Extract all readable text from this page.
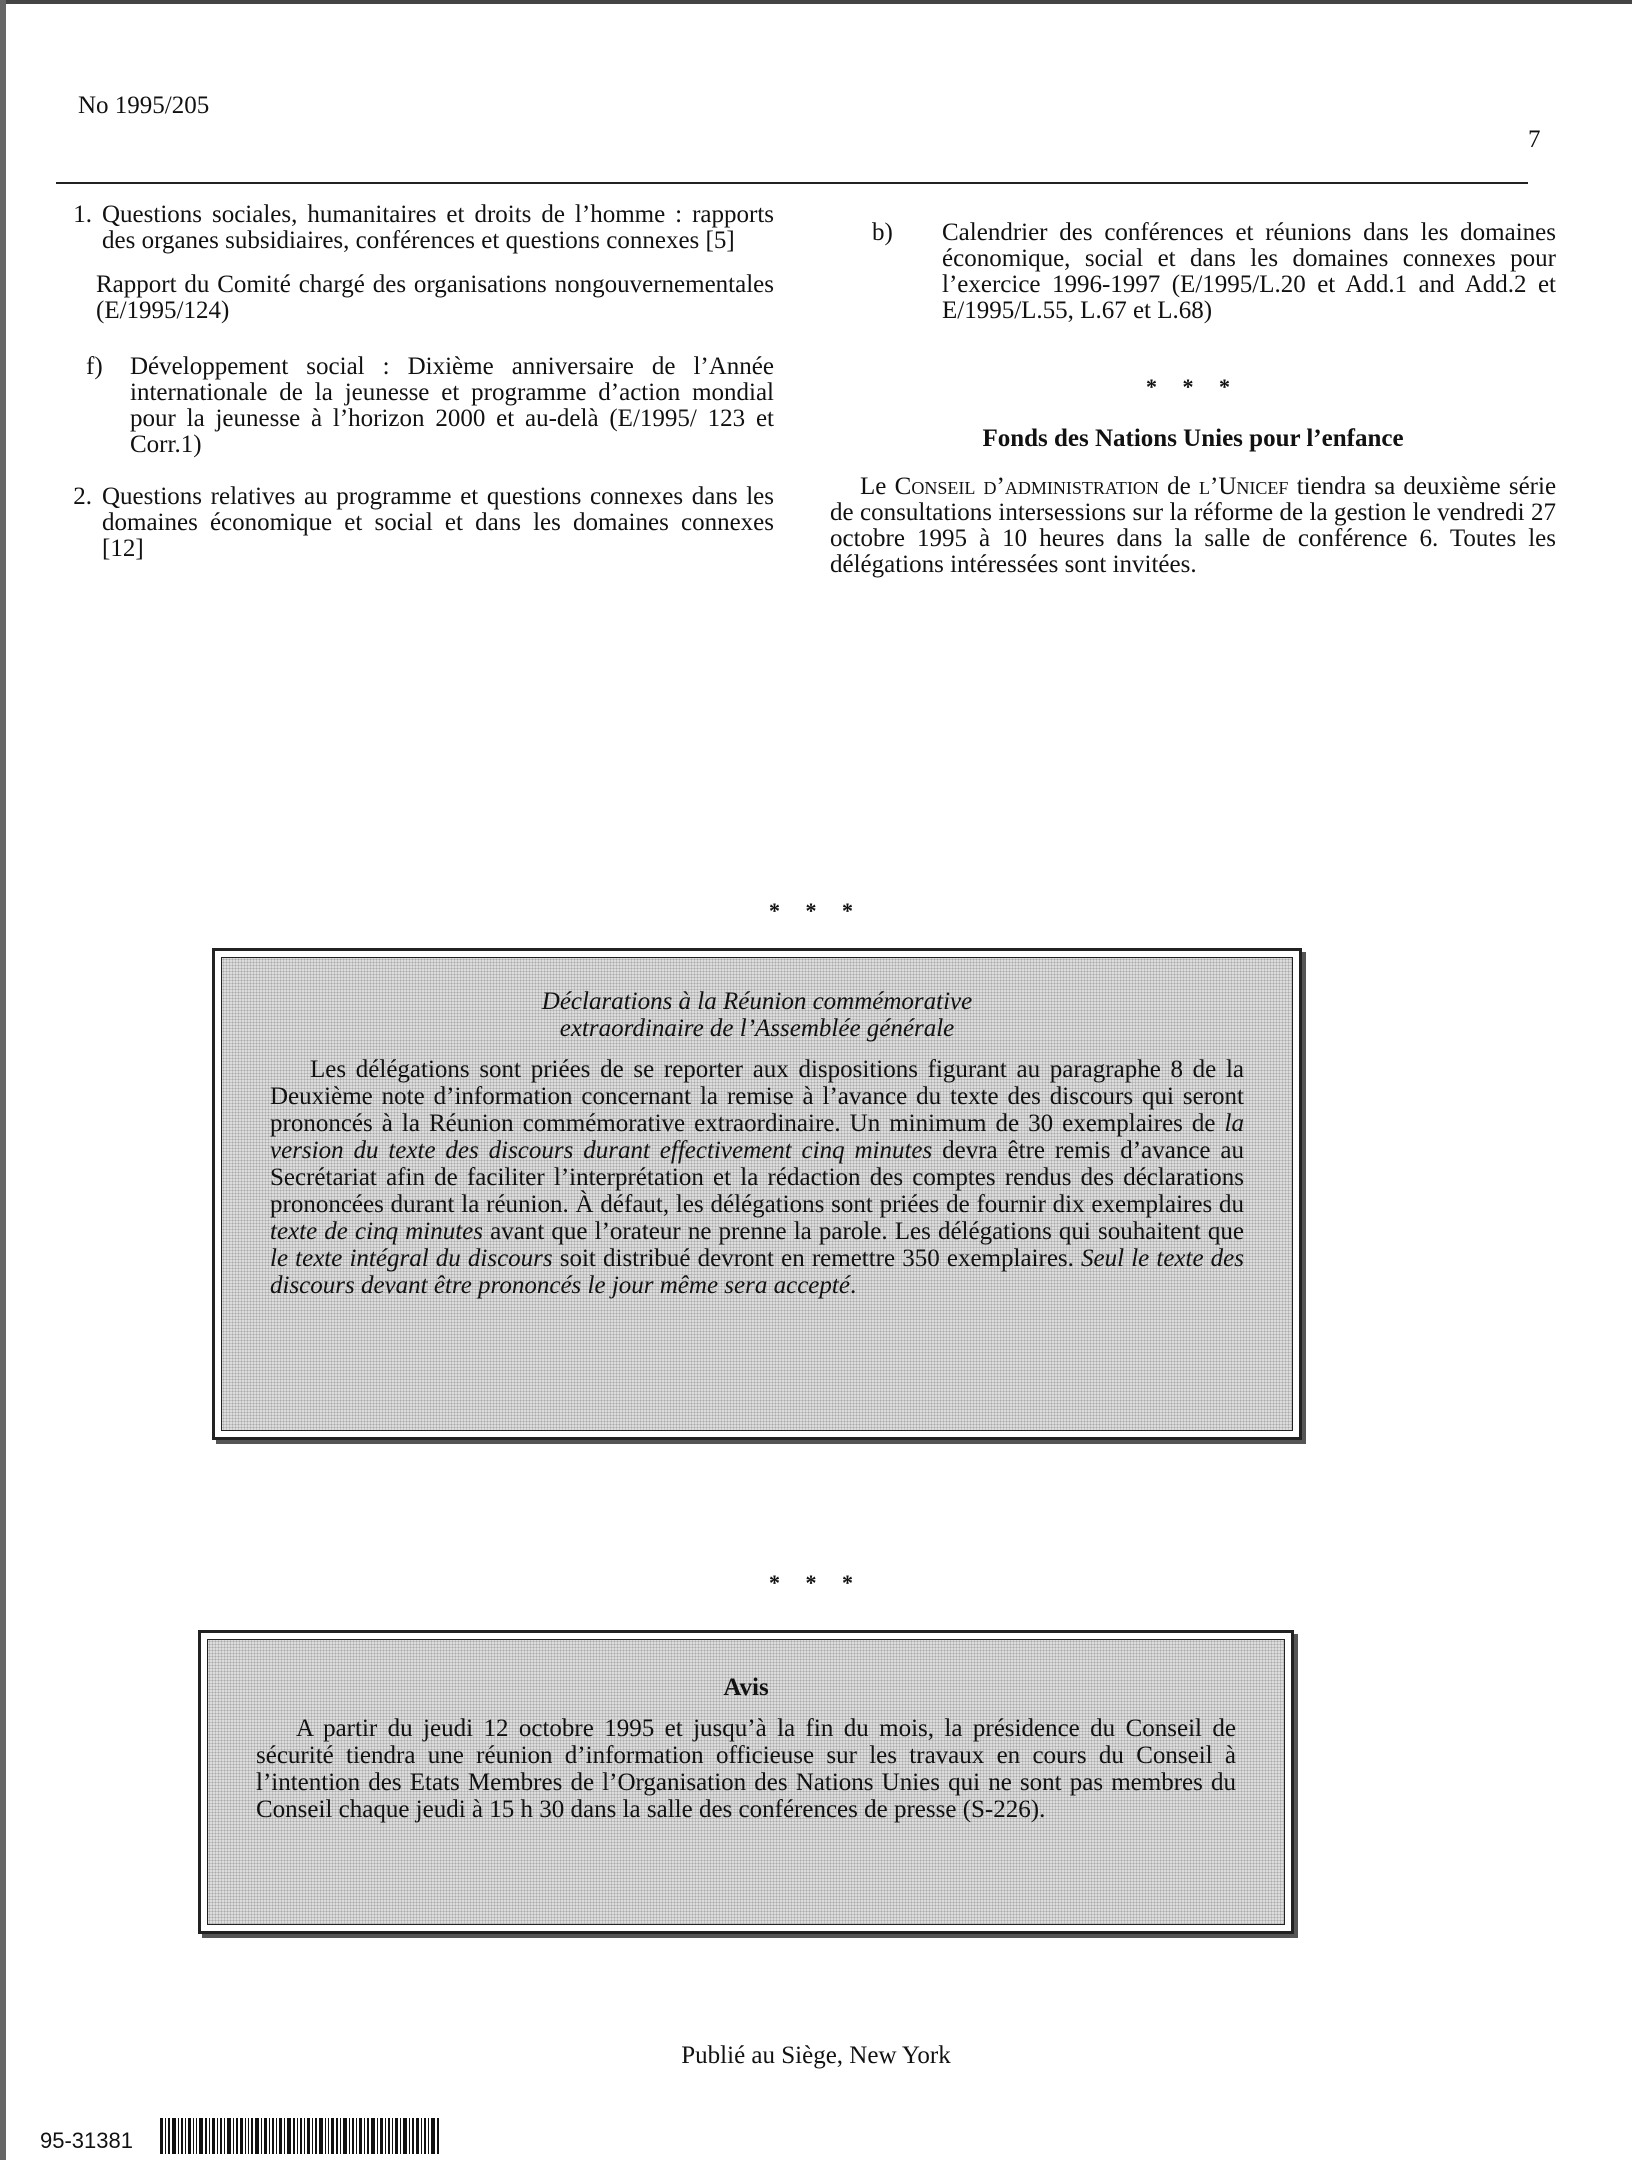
No 1995/205
7
1. Questions sociales, humanitaires et droits de l’homme : rapports des organes subsidiaires, conférences et questions connexes [5]
Rapport du Comité chargé des organisations nongouvernementales (E/1995/124)
f)	Développement social : Dixième anniversaire de l’Année internationale de la jeunesse et programme d’action mondial pour la jeunesse à l’horizon 2000 et au-delà (E/1995/ 123 et Corr.1)
2. Questions relatives au programme et questions connexes dans les domaines économique et social et dans les domaines connexes [12]
b)	Calendrier des conférences et réunions dans les domaines économique, social et dans les domaines connexes pour l’exercice 1996-1997 (E/1995/L.20 et Add.1 and Add.2 et E/1995/L.55, L.67 et L.68)
* * *
Fonds des Nations Unies pour l’enfance
Le Conseil d’administration de l’Unicef tiendra sa deuxième série de consultations intersessions sur la réforme de la gestion le vendredi 27 octobre 1995 à 10 heures dans la salle de conférence 6. Toutes les délégations intéressées sont invitées.
* * *
Déclarations à la Réunion commémorative
extraordinaire de l’Assemblée générale
Les délégations sont priées de se reporter aux dispositions figurant au paragraphe 8 de la Deuxième note d’information concernant la remise à l’avance du texte des discours qui seront prononcés à la Réunion commémorative extraordinaire. Un minimum de 30 exemplaires de la version du texte des discours durant effectivement cinq minutes devra être remis d’avance au Secrétariat afin de faciliter l’interprétation et la rédaction des comptes rendus des déclarations prononcées durant la réunion. À défaut, les délégations sont priées de fournir dix exemplaires du texte de cinq minutes avant que l’orateur ne prenne la parole. Les délégations qui souhaitent que le texte intégral du discours soit distribué devront en remettre 350 exemplaires. Seul le texte des discours devant être prononcés le jour même sera accepté.
* * *
Avis
A partir du jeudi 12 octobre 1995 et jusqu’à la fin du mois, la présidence du Conseil de sécurité tiendra une réunion d’information officieuse sur les travaux en cours du Conseil à l’intention des Etats Membres de l’Organisation des Nations Unies qui ne sont pas membres du Conseil chaque jeudi à 15 h 30 dans la salle des conférences de presse (S-226).
Publié au Siège, New York
95-31381
